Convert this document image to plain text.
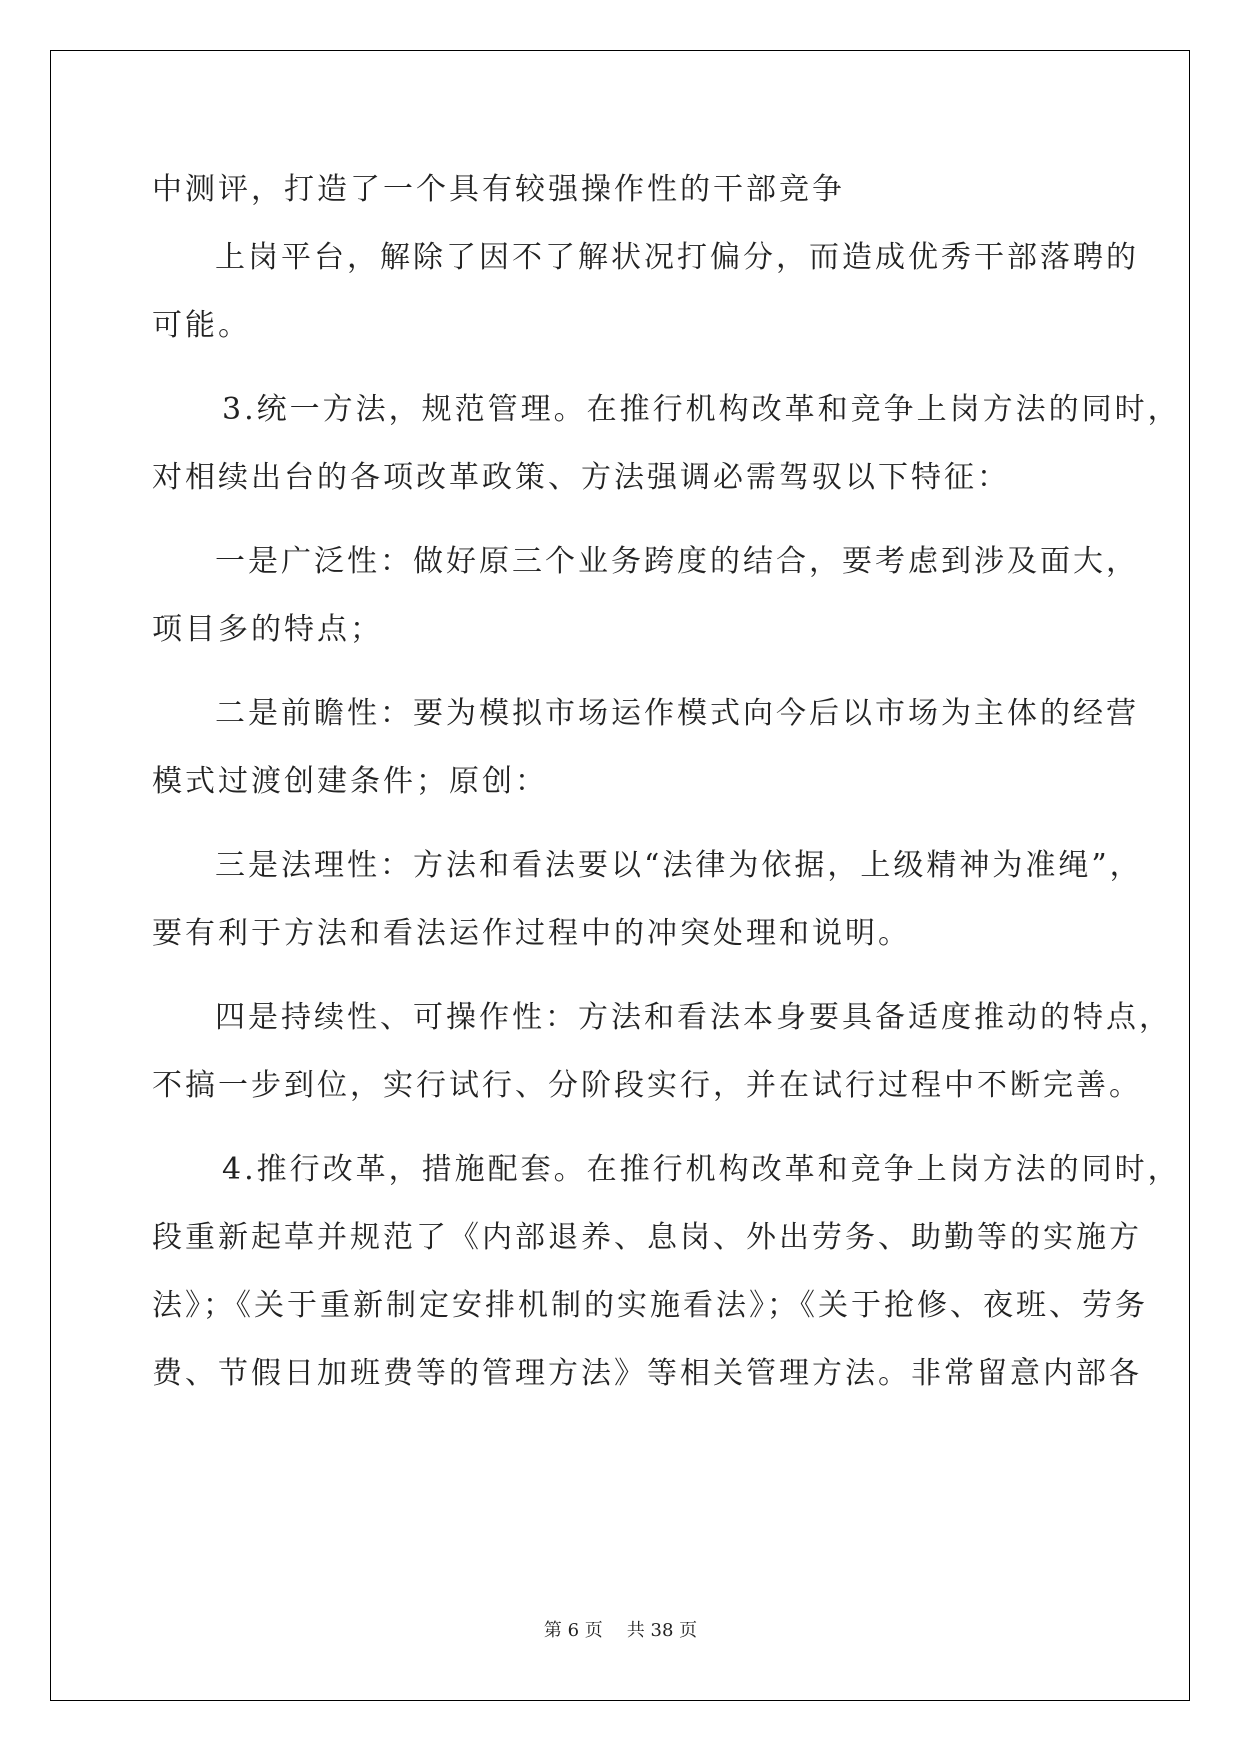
中测评，打造了一个具有较强操作性的干部竞争
上岗平台，解除了因不了解状况打偏分，而造成优秀干部落聘的
可能。
3.统一方法，规范管理。在推行机构改革和竞争上岗方法的同时，
对相续出台的各项改革政策、方法强调必需驾驭以下特征：
一是广泛性：做好原三个业务跨度的结合，要考虑到涉及面大，
项目多的特点；
二是前瞻性：要为模拟市场运作模式向今后以市场为主体的经营
模式过渡创建条件；原创：
三是法理性：方法和看法要以“法律为依据，上级精神为准绳”，
要有利于方法和看法运作过程中的冲突处理和说明。
四是持续性、可操作性：方法和看法本身要具备适度推动的特点，
不搞一步到位，实行试行、分阶段实行，并在试行过程中不断完善。
4.推行改革，措施配套。在推行机构改革和竞争上岗方法的同时，
段重新起草并规范了《内部退养、息岗、外出劳务、助勤等的实施方
法》；《关于重新制定安排机制的实施看法》；《关于抢修、夜班、劳务
费、节假日加班费等的管理方法》等相关管理方法。非常留意内部各
第 6 页 共 38 页
